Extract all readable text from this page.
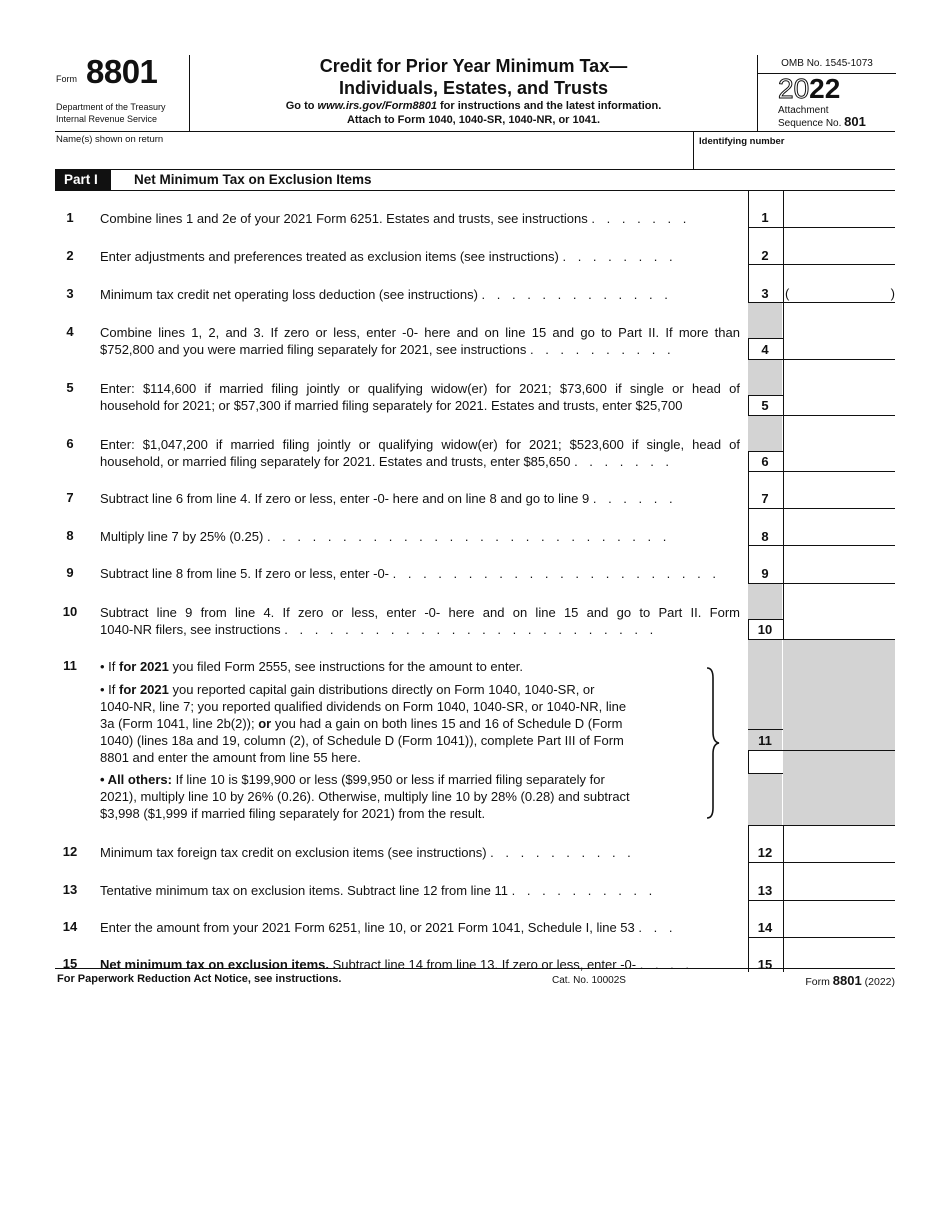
Form 8801
Department of the Treasury
Internal Revenue Service
Credit for Prior Year Minimum Tax—
Individuals, Estates, and Trusts
Go to www.irs.gov/Form8801 for instructions and the latest information.
Attach to Form 1040, 1040-SR, 1040-NR, or 1041.
OMB No. 1545-1073
2022
Attachment
Sequence No. 801
Name(s) shown on return	Identifying number
Part I	Net Minimum Tax on Exclusion Items
1	Combine lines 1 and 2e of your 2021 Form 6251. Estates and trusts, see instructions . . . . . . .	1
2	Enter adjustments and preferences treated as exclusion items (see instructions) . . . . . . . .	2
3	Minimum tax credit net operating loss deduction (see instructions) . . . . . . . . . . . . .	3	(	)
4	Combine lines 1, 2, and 3. If zero or less, enter -0- here and on line 15 and go to Part II. If more than
$752,800 and you were married filing separately for 2021, see instructions . . . . . . . . . .	4
5	Enter: $114,600 if married filing jointly or qualifying widow(er) for 2021; $73,600 if single or head of
household for 2021; or $57,300 if married filing separately for 2021. Estates and trusts, enter $25,700	5
6	Enter: $1,047,200 if married filing jointly or qualifying widow(er) for 2021; $523,600 if single, head of
household, or married filing separately for 2021. Estates and trusts, enter $85,650 . . . . . . .	6
7	Subtract line 6 from line 4. If zero or less, enter -0- here and on line 8 and go to line 9 . . . . . .	7
8	Multiply line 7 by 25% (0.25) . . . . . . . . . . . . . . . . . . . . . . . . . . .	8
9	Subtract line 8 from line 5. If zero or less, enter -0- . . . . . . . . . . . . . . . . . . . . . .	9
10	Subtract line 9 from line 4. If zero or less, enter -0- here and on line 15 and go to Part II. Form
1040-NR filers, see instructions . . . . . . . . . . . . . . . . . . . . . . . . .	10
11	• If for 2021 you filed Form 2555, see instructions for the amount to enter.
• If for 2021 you reported capital gain distributions directly on Form 1040, 1040-SR, or
1040-NR, line 7; you reported qualified dividends on Form 1040, 1040-SR, or 1040-NR, line
3a (Form 1041, line 2b(2)); or you had a gain on both lines 15 and 16 of Schedule D (Form
1040) (lines 18a and 19, column (2), of Schedule D (Form 1041)), complete Part III of Form
8801 and enter the amount from line 55 here.
• All others: If line 10 is $199,900 or less ($99,950 or less if married filing separately for
2021), multiply line 10 by 26% (0.26). Otherwise, multiply line 10 by 28% (0.28) and subtract
$3,998 ($1,999 if married filing separately for 2021) from the result.
11
12	Minimum tax foreign tax credit on exclusion items (see instructions) . . . . . . . . . .	12
13	Tentative minimum tax on exclusion items. Subtract line 12 from line 11 . . . . . . . . . .	13
14	Enter the amount from your 2021 Form 6251, line 10, or 2021 Form 1041, Schedule I, line 53 . . .	14
15	Net minimum tax on exclusion items. Subtract line 14 from line 13. If zero or less, enter -0- . . . .	15
For Paperwork Reduction Act Notice, see instructions.	Cat. No. 10002S	Form 8801 (2022)
